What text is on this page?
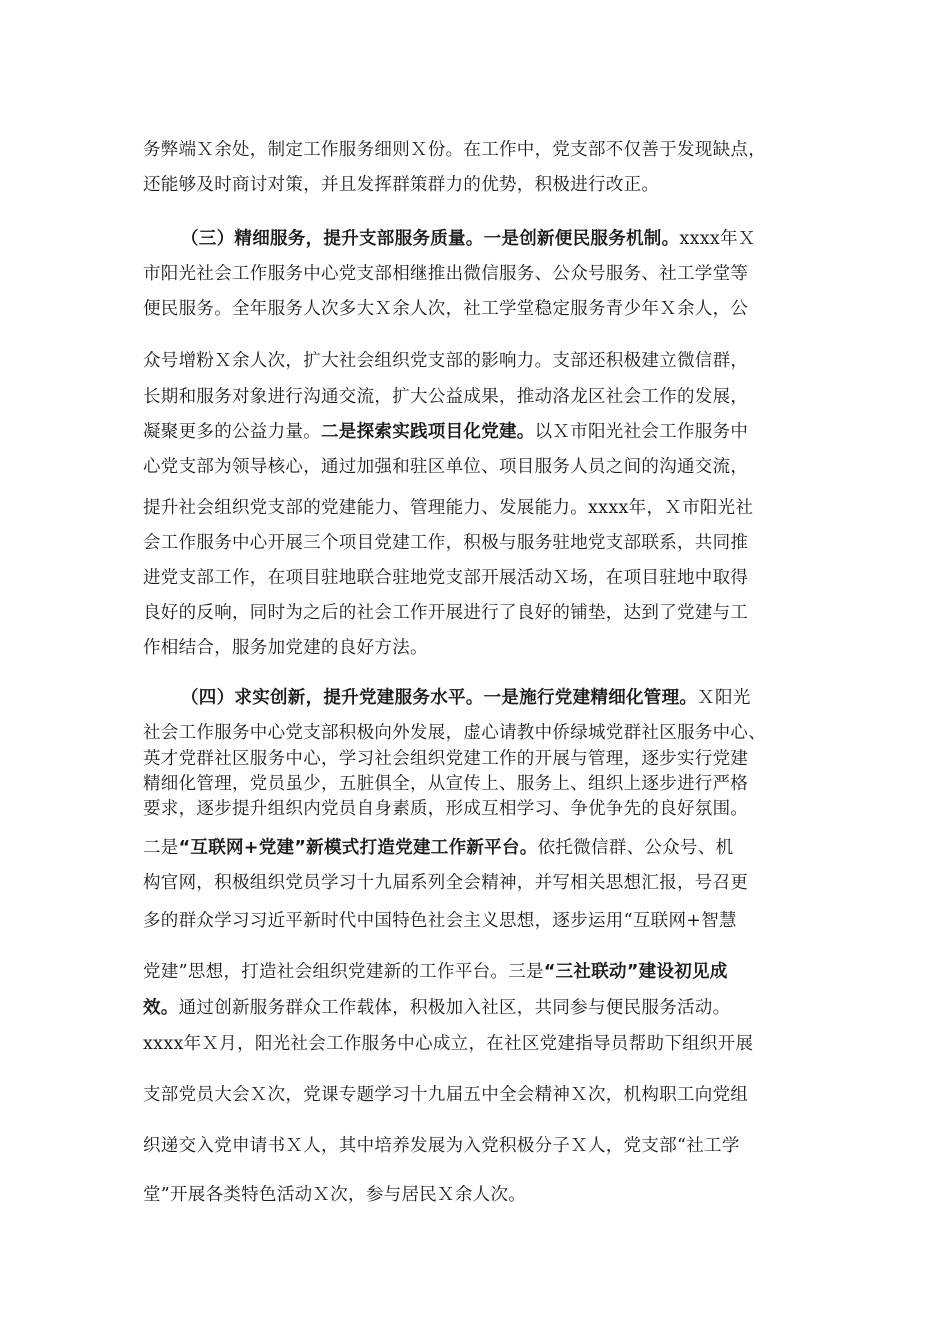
务弊端Ｘ余处，制定工作服务细则Ｘ份。在工作中，党支部不仅善于发现缺点，
还能够及时商讨对策，并且发挥群策群力的优势，积极进行改正。
（三）精细服务，提升支部服务质量。一是创新便民服务机制。xxxx年Ｘ
市阳光社会工作服务中心党支部相继推出微信服务、公众号服务、社工学堂等
便民服务。全年服务人次多大Ｘ余人次，社工学堂稳定服务青少年Ｘ余人，公
众号增粉Ｘ余人次，扩大社会组织党支部的影响力。支部还积极建立微信群，
长期和服务对象进行沟通交流，扩大公益成果，推动洛龙区社会工作的发展，
凝聚更多的公益力量。二是探索实践项目化党建。以Ｘ市阳光社会工作服务中
心党支部为领导核心，通过加强和驻区单位、项目服务人员之间的沟通交流，
提升社会组织党支部的党建能力、管理能力、发展能力。xxxx年，Ｘ市阳光社
会工作服务中心开展三个项目党建工作，积极与服务驻地党支部联系，共同推
进党支部工作，在项目驻地联合驻地党支部开展活动Ｘ场，在项目驻地中取得
良好的反响，同时为之后的社会工作开展进行了良好的铺垫，达到了党建与工
作相结合，服务加党建的良好方法。
（四）求实创新，提升党建服务水平。一是施行党建精细化管理。Ｘ阳光
社会工作服务中心党支部积极向外发展，虚心请教中侨绿城党群社区服务中心、
英才党群社区服务中心，学习社会组织党建工作的开展与管理，逐步实行党建
精细化管理，党员虽少，五脏俱全，从宣传上、服务上、组织上逐步进行严格
要求，逐步提升组织内党员自身素质，形成互相学习、争优争先的良好氛围。
二是“互联网+党建”新模式打造党建工作新平台。依托微信群、公众号、机
构官网，积极组织党员学习十九届系列全会精神，并写相关思想汇报，号召更
多的群众学习习近平新时代中国特色社会主义思想，逐步运用“互联网+智慧
党建”思想，打造社会组织党建新的工作平台。三是“三社联动”建设初见成
效。通过创新服务群众工作载体，积极加入社区，共同参与便民服务活动。
xxxx年Ｘ月，阳光社会工作服务中心成立，在社区党建指导员帮助下组织开展
支部党员大会Ｘ次，党课专题学习十九届五中全会精神Ｘ次，机构职工向党组
织递交入党申请书Ｘ人，其中培养发展为入党积极分子Ｘ人，党支部“社工学
堂”开展各类特色活动Ｘ次，参与居民Ｘ余人次。
